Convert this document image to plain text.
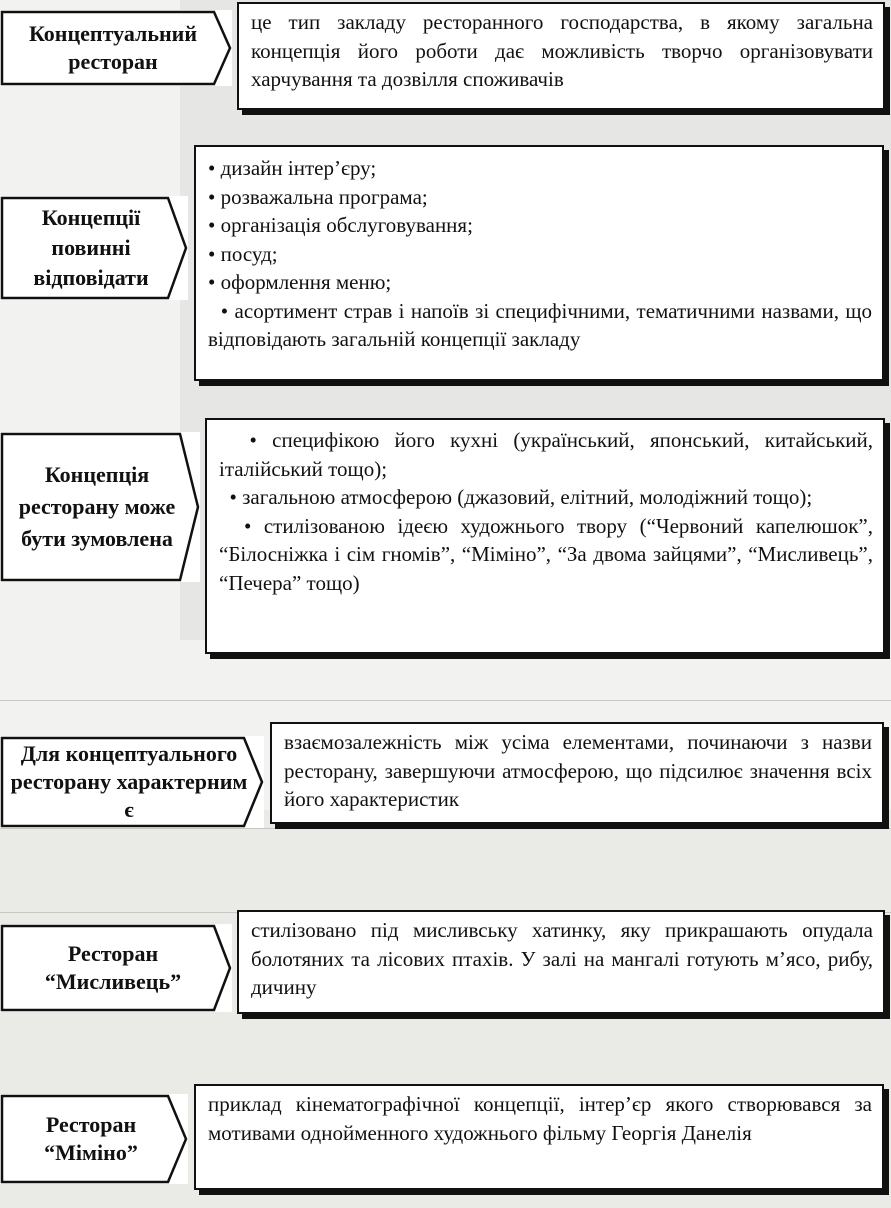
Концептуальний ресторан
це тип закладу ресторанного господарства, в якому загальна концепція його роботи дає можливість творчо організовувати харчування та дозвілля споживачів
Концепції повинні відповідати
• дизайн інтер’єру;
• розважальна програма;
• організація обслуговування;
• посуд;
• оформлення меню;
• асортимент страв і напоїв зі специфічними, тематичними назвами, що відповідають загальній концепції закладу
Концепція ресторану може бути зумовлена
• специфікою його кухні (український, японський, китайський, італійський тощо);
• загальною атмосферою (джазовий, елітний, молодіжний тощо);
• стилізованою ідеєю художнього твору (“Червоний капелюшок”, “Білосніжка і сім гномів”, “Міміно”, “За двома зайцями”, “Мисливець”, “Печера” тощо)
Для концептуального ресторану характерним є
взаємозалежність між усіма елементами, починаючи з назви ресторану, завершуючи атмосферою, що підсилює значення всіх його характеристик
Ресторан “Мисливець”
стилізовано під мисливську хатинку, яку прикрашають опудала болотяних та лісових птахів. У залі на мангалі готують м’ясо, рибу, дичину
Ресторан “Міміно”
приклад кінематографічної концепції, інтер’єр якого створювався за мотивами однойменного художнього фільму Георгія Данелія
